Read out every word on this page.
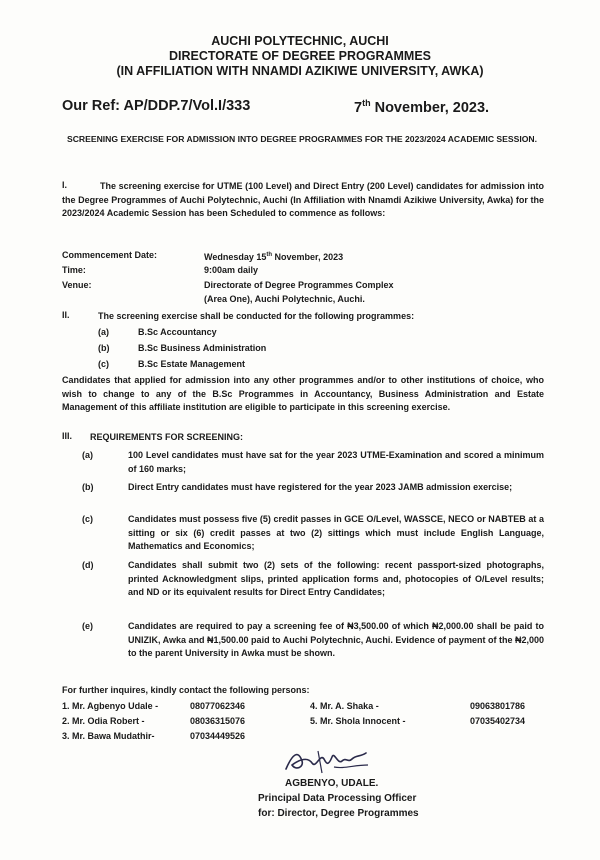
AUCHI POLYTECHNIC, AUCHI
DIRECTORATE OF DEGREE PROGRAMMES
(IN AFFILIATION WITH NNAMDI AZIKIWE UNIVERSITY, AWKA)
Our Ref: AP/DDP.7/Vol.I/333	7th November, 2023.
SCREENING EXERCISE FOR ADMISSION INTO DEGREE PROGRAMMES FOR THE 2023/2024 ACADEMIC SESSION.
I.	The screening exercise for UTME (100 Level) and Direct Entry (200 Level) candidates for admission into the Degree Programmes of Auchi Polytechnic, Auchi (In Affiliation with Nnamdi Azikiwe University, Awka) for the 2023/2024 Academic Session has been Scheduled to commence as follows:
Commencement Date:	Wednesday 15th November, 2023
Time:	9:00am daily
Venue:	Directorate of Degree Programmes Complex
(Area One), Auchi Polytechnic, Auchi.
II.	The screening exercise shall be conducted for the following programmes:
(a)	B.Sc Accountancy
(b)	B.Sc Business Administration
(c)	B.Sc Estate Management
Candidates that applied for admission into any other programmes and/or to other institutions of choice, who wish to change to any of the B.Sc Programmes in Accountancy, Business Administration and Estate Management of this affiliate institution are eligible to participate in this screening exercise.
III. REQUIREMENTS FOR SCREENING:
(a)	100 Level candidates must have sat for the year 2023 UTME-Examination and scored a minimum of 160 marks;
(b)	Direct Entry candidates must have registered for the year 2023 JAMB admission exercise;
(c)	Candidates must possess five (5) credit passes in GCE O/Level, WASSCE, NECO or NABTEB at a sitting or six (6) credit passes at two (2) sittings which must include English Language, Mathematics and Economics;
(d)	Candidates shall submit two (2) sets of the following: recent passport-sized photographs, printed Acknowledgment slips, printed application forms and, photocopies of O/Level results; and ND or its equivalent results for Direct Entry Candidates;
(e)	Candidates are required to pay a screening fee of ₦3,500.00 of which ₦2,000.00 shall be paid to UNIZIK, Awka and ₦1,500.00 paid to Auchi Polytechnic, Auchi. Evidence of payment of the ₦2,000 to the parent University in Awka must be shown.
For further inquires, kindly contact the following persons:
1. Mr. Agbenyo Udale -	08077062346	4. Mr. A. Shaka -	09063801786
2. Mr. Odia Robert -	08036315076	5. Mr. Shola Innocent -	07035402734
3. Mr. Bawa Mudathir-	07034449526
AGBENYO, UDALE.
Principal Data Processing Officer
for: Director, Degree Programmes
